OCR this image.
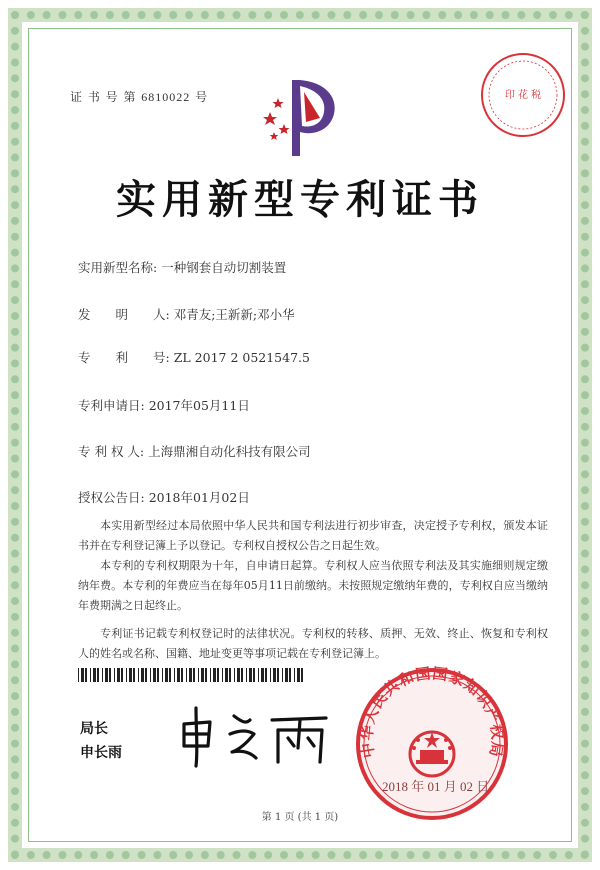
证 书 号 第 6810022 号	印 花 税
实用新型专利证书
实用新型名称: 一种钢套自动切割装置
发　　明　　人: 邓青友;王新新;邓小华
专　　利　　号: ZL 2017 2 0521547.5
专利申请日: 2017年05月11日
专 利 权 人: 上海鼎湘自动化科技有限公司
授权公告日: 2018年01月02日

本实用新型经过本局依照中华人民共和国专利法进行初步审查，决定授予专利权，颁发本证书并在专利登记簿上予以登记。专利权自授权公告之日起生效。

本专利的专利权期限为十年，自申请日起算。专利权人应当依照专利法及其实施细则规定缴纳年费。本专利的年费应当在每年05月11日前缴纳。未按照规定缴纳年费的，专利权自应当缴纳年费期满之日起终止。

专利证书记载专利权登记时的法律状况。专利权的转移、质押、无效、终止、恢复和专利权人的姓名或名称、国籍、地址变更等事项记载在专利登记簿上。

局长
申长雨	中华人民共和国国家知识产权局
2018 年 01 月 02 日
第 1 页 (共 1 页)
